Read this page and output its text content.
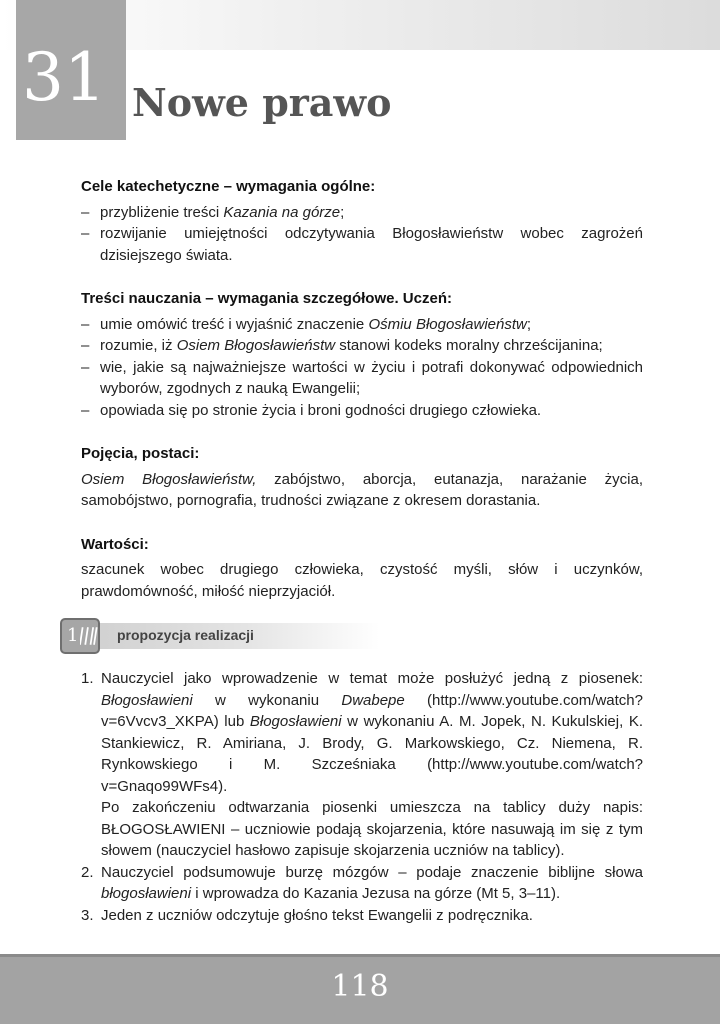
31 Nowe prawo
Cele katechetyczne – wymagania ogólne:
– przybliżenie treści Kazania na górze;
– rozwijanie umiejętności odczytywania Błogosławieństw wobec zagrożeń dzisiejszego świata.
Treści nauczania – wymagania szczegółowe. Uczeń:
– umie omówić treść i wyjaśnić znaczenie Ośmiu Błogosławieństw;
– rozumie, iż Osiem Błogosławieństw stanowi kodeks moralny chrześcijanina;
– wie, jakie są najważniejsze wartości w życiu i potrafi dokonywać odpowiednich wyborów, zgodnych z nauką Ewangelii;
– opowiada się po stronie życia i broni godności drugiego człowieka.
Pojęcia, postaci:

Osiem Błogosławieństw, zabójstwo, aborcja, eutanazja, narażanie życia, samobójstwo, pornografia, trudności związane z okresem dorastania.

Wartości:

szacunek wobec drugiego człowieka, czystość myśli, słów i uczynków, prawdomówność, miłość nieprzyjaciół.

1	propozycja realizacji
1. Nauczyciel jako wprowadzenie w temat może posłużyć jedną z piosenek: Błogosławieni w wykonaniu Dwabepe (http://www.youtube.com/watch?v=6Vvcv3_XKPA) lub Błogosławieni w wykonaniu A. M. Jopek, N. Kukulskiej, K. Stankiewicz, R. Amiriana, J. Brody, G. Markowskiego, Cz. Niemena, R. Rynkowskiego i M. Szcześniaka (http://www.youtube.com/watch?v=Gnaqo99WFs4).
Po zakończeniu odtwarzania piosenki umieszcza na tablicy duży napis: BŁOGOSŁAWIENI – uczniowie podają skojarzenia, które nasuwają im się z tym słowem (nauczyciel hasłowo zapisuje skojarzenia uczniów na tablicy).
2. Nauczyciel podsumowuje burzę mózgów – podaje znaczenie biblijne słowa błogosławieni i wprowadza do Kazania Jezusa na górze (Mt 5, 3–11).
3. Jeden z uczniów odczytuje głośno tekst Ewangelii z podręcznika.
118
